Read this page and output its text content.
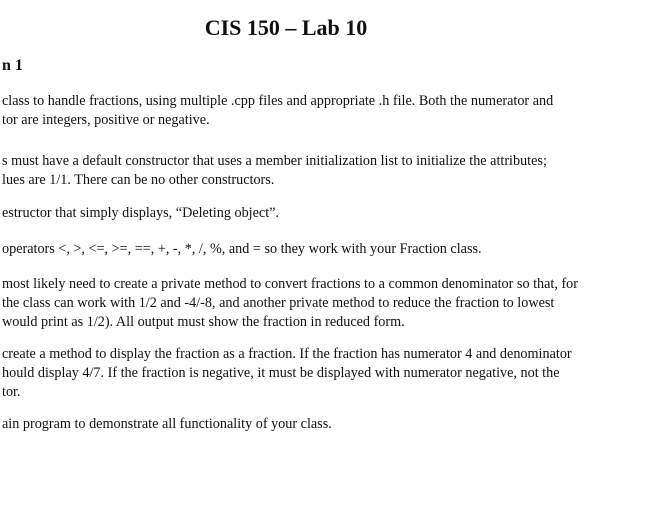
CIS 150 – Lab 10
n 1

class to handle fractions, using multiple .cpp files and appropriate .h file. Both the numerator and
tor are integers, positive or negative.

s must have a default constructor that uses a member initialization list to initialize the attributes;
lues are 1/1. There can be no other constructors.

estructor that simply displays, “Deleting object”.

operators <, >, <=, >=, ==, +, -, *, /, %, and = so they work with your Fraction class.

most likely need to create a private method to convert fractions to a common denominator so that, for
the class can work with 1/2 and -4/-8, and another private method to reduce the fraction to lowest
would print as 1/2). All output must show the fraction in reduced form.

create a method to display the fraction as a fraction. If the fraction has numerator 4 and denominator
hould display 4/7. If the fraction is negative, it must be displayed with numerator negative, not the
tor.

ain program to demonstrate all functionality of your class.
